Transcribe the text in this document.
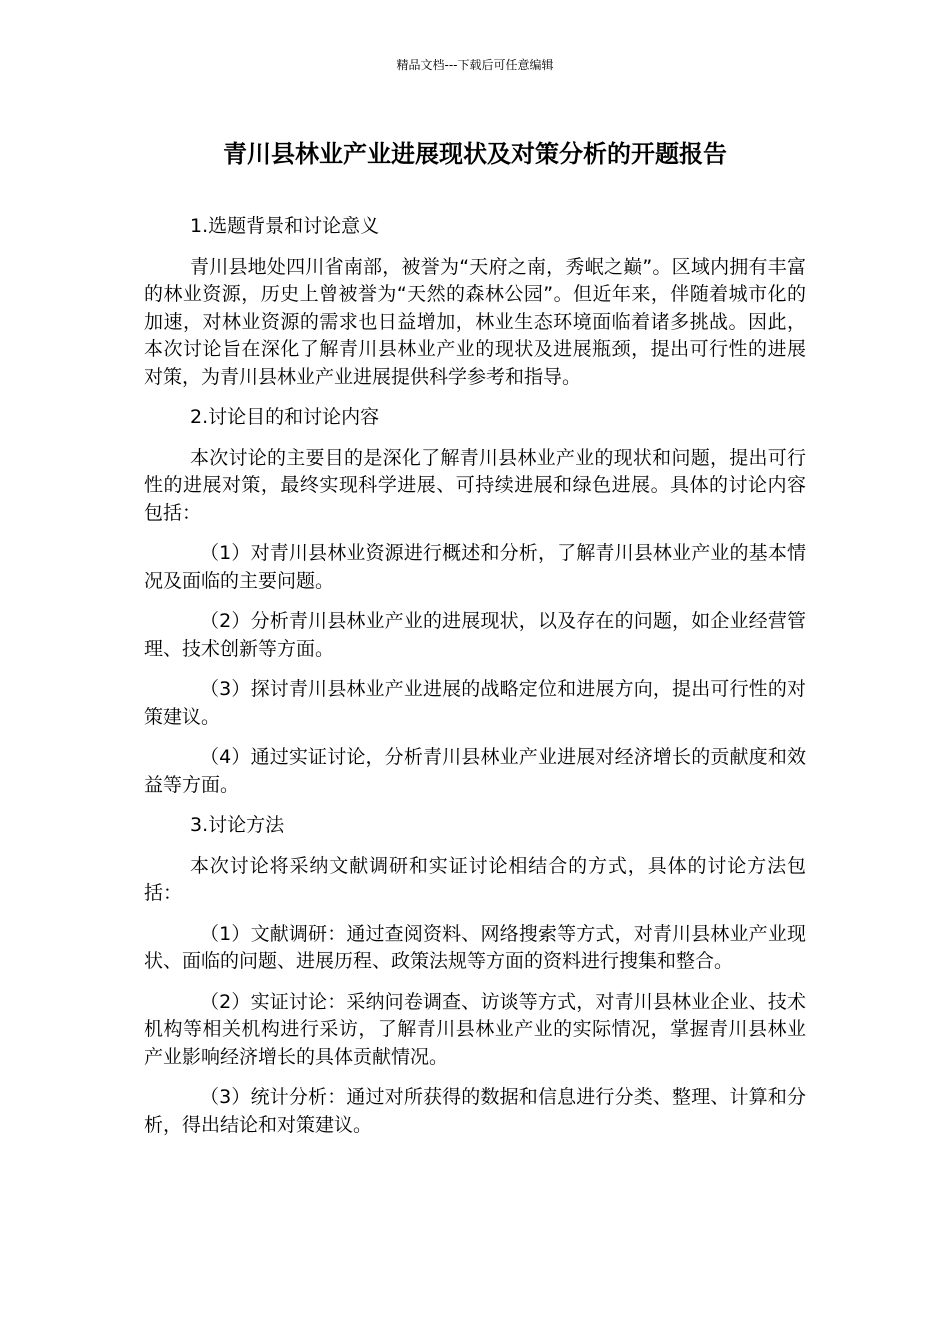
精品文档---下载后可任意编辑
青川县林业产业进展现状及对策分析的开题报告

1.选题背景和讨论意义

青川县地处四川省南部，被誉为“天府之南，秀岷之巅”。区域内拥有丰富的林业资源，历史上曾被誉为“天然的森林公园”。但近年来，伴随着城市化的加速，对林业资源的需求也日益增加，林业生态环境面临着诸多挑战。因此，本次讨论旨在深化了解青川县林业产业的现状及进展瓶颈，提出可行性的进展对策，为青川县林业产业进展提供科学参考和指导。

2.讨论目的和讨论内容

本次讨论的主要目的是深化了解青川县林业产业的现状和问题，提出可行性的进展对策，最终实现科学进展、可持续进展和绿色进展。具体的讨论内容包括：

（1）对青川县林业资源进行概述和分析，了解青川县林业产业的基本情况及面临的主要问题。

（2）分析青川县林业产业的进展现状，以及存在的问题，如企业经营管理、技术创新等方面。

（3）探讨青川县林业产业进展的战略定位和进展方向，提出可行性的对策建议。

（4）通过实证讨论，分析青川县林业产业进展对经济增长的贡献度和效益等方面。

3.讨论方法

本次讨论将采纳文献调研和实证讨论相结合的方式，具体的讨论方法包括：

（1）文献调研：通过查阅资料、网络搜索等方式，对青川县林业产业现状、面临的问题、进展历程、政策法规等方面的资料进行搜集和整合。

（2）实证讨论：采纳问卷调查、访谈等方式，对青川县林业企业、技术机构等相关机构进行采访，了解青川县林业产业的实际情况，掌握青川县林业产业影响经济增长的具体贡献情况。

（3）统计分析：通过对所获得的数据和信息进行分类、整理、计算和分析，得出结论和对策建议。
